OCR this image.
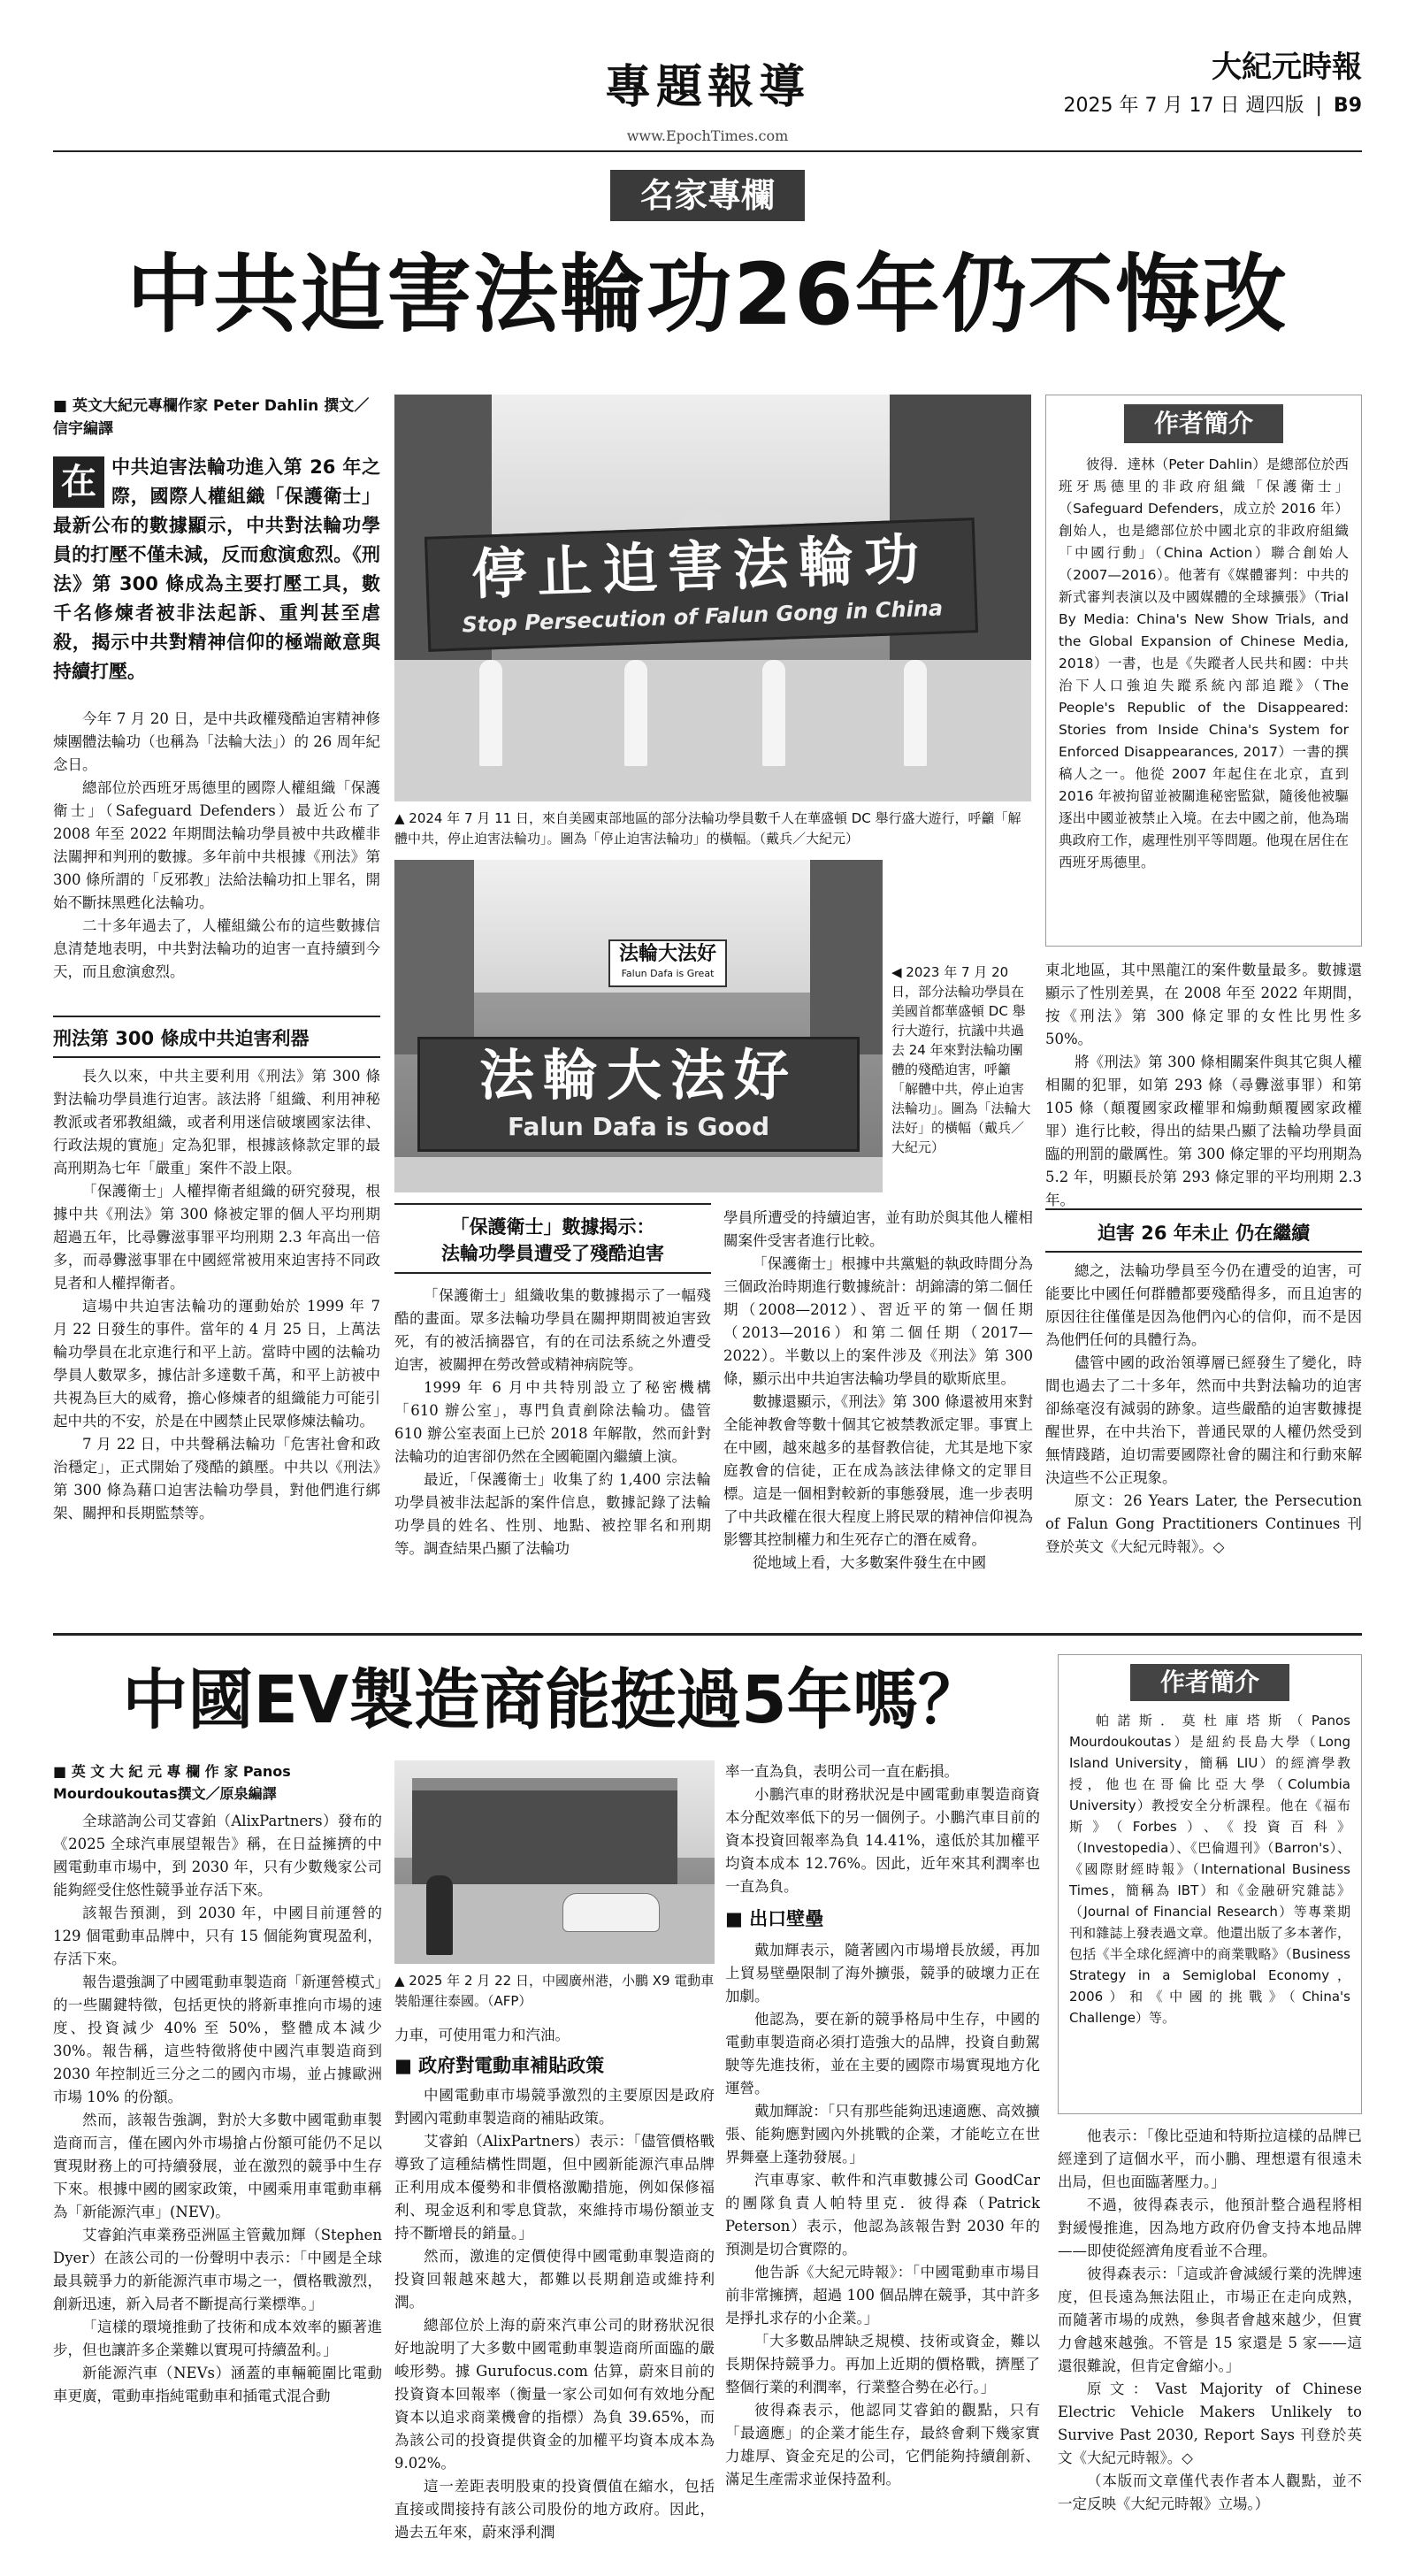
專題報導
www.EpochTimes.com
大紀元時報
2025 年 7 月 17 日 週四版 | B9
名家專欄
中共迫害法輪功26年仍不悔改
■ 英文大紀元專欄作家 Peter Dahlin 撰文／
信宇編譯
在 中共迫害法輪功進入第 26 年之際，國際人權組織「保護衛士」最新公布的數據顯示，中共對法輪功學員的打壓不僅未減，反而愈演愈烈。《刑法》第 300 條成為主要打壓工具，數千名修煉者被非法起訴、重判甚至虐殺，揭示中共對精神信仰的極端敵意與持續打壓。

今年 7 月 20 日，是中共政權殘酷迫害精神修煉團體法輪功（也稱為「法輪大法」）的 26 周年紀念日。

總部位於西班牙馬德里的國際人權組織「保護衛士」（Safeguard Defenders）最近公布了 2008 年至 2022 年期間法輪功學員被中共政權非法關押和判刑的數據。多年前中共根據《刑法》第 300 條所謂的「反邪教」法給法輪功扣上罪名，開始不斷抹黑甦化法輪功。

二十多年過去了，人權組織公布的這些數據信息清楚地表明，中共對法輪功的迫害一直持續到今天，而且愈演愈烈。

刑法第 300 條成中共迫害利器

長久以來，中共主要利用《刑法》第 300 條對法輪功學員進行迫害。該法將「組織、利用神秘教派或者邪教組織，或者利用迷信破壞國家法律、行政法規的實施」定為犯罪，根據該條款定罪的最高刑期為七年「嚴重」案件不設上限。

「保護衛士」人權捍衛者組織的研究發現，根據中共《刑法》第 300 條被定罪的個人平均刑期超過五年，比尋釁滋事罪平均刑期 2.3 年高出一倍多，而尋釁滋事罪在中國經常被用來迫害持不同政見者和人權捍衛者。

這場中共迫害法輪功的運動始於 1999 年 7 月 22 日發生的事件。當年的 4 月 25 日，上萬法輪功學員在北京進行和平上訪。當時中國的法輪功學員人數眾多，據估計多達數千萬，和平上訪被中共視為巨大的威脅，擔心修煉者的組織能力可能引起中共的不安，於是在中國禁止民眾修煉法輪功。

7 月 22 日，中共聲稱法輪功「危害社會和政治穩定」，正式開始了殘酷的鎮壓。中共以《刑法》第 300 條為藉口迫害法輪功學員，對他們進行綁架、關押和長期監禁等。

停止迫害法輪功
Stop Persecution of Falun Gong in China
▲ 2024 年 7 月 11 日，來自美國東部地區的部分法輪功學員數千人在華盛頓 DC 舉行盛大遊行，呼籲「解體中共，停止迫害法輪功」。圖為「停止迫害法輪功」的橫幅。（戴兵／大紀元）
法輪大法好
Falun Dafa is Great
法輪大法好
Falun Dafa is Good
◀ 2023 年 7 月 20 日，部分法輪功學員在美國首都華盛頓 DC 舉行大遊行，抗議中共過去 24 年來對法輪功團體的殘酷迫害，呼籲「解體中共，停止迫害法輪功」。圖為「法輪大法好」的橫幅（戴兵／大紀元）
「保護衛士」數據揭示：
法輪功學員遭受了殘酷迫害

「保護衛士」組織收集的數據揭示了一幅殘酷的畫面。眾多法輪功學員在關押期間被迫害致死，有的被活摘器官，有的在司法系統之外遭受迫害，被關押在勞改營或精神病院等。

1999 年 6 月中共特別設立了秘密機構「610 辦公室」，專門負責剷除法輪功。儘管 610 辦公室表面上已於 2018 年解散，然而針對法輪功的迫害卻仍然在全國範圍內繼續上演。

最近，「保護衛士」收集了約 1,400 宗法輪功學員被非法起訴的案件信息，數據記錄了法輪功學員的姓名、性別、地點、被控罪名和刑期等。調查結果凸顯了法輪功

學員所遭受的持續迫害，並有助於與其他人權相關案件受害者進行比較。

「保護衛士」根據中共黨魁的執政時間分為三個政治時期進行數據統計：胡錦濤的第二個任期（2008—2012）、習近平的第一個任期（2013—2016）和第二個任期（2017—2022）。半數以上的案件涉及《刑法》第 300 條，顯示出中共迫害法輪功學員的歇斯底里。

數據還顯示，《刑法》第 300 條還被用來對全能神教會等數十個其它被禁教派定罪。事實上在中國，越來越多的基督教信徒，尤其是地下家庭教會的信徒，正在成為該法律條文的定罪目標。這是一個相對較新的事態發展，進一步表明了中共政權在很大程度上將民眾的精神信仰視為影響其控制權力和生死存亡的潛在威脅。

從地域上看，大多數案件發生在中國

作者簡介
彼得．達林（Peter Dahlin）是總部位於西班牙馬德里的非政府組織「保護衛士」（Safeguard Defenders，成立於 2016 年）創始人，也是總部位於中國北京的非政府組織「中國行動」（China Action）聯合創始人（2007—2016）。他著有《媒體審判：中共的新式審判表演以及中國媒體的全球擴張》（Trial By Media: China's New Show Trials, and the Global Expansion of Chinese Media, 2018）一書，也是《失蹤者人民共和國：中共治下人口強迫失蹤系統內部追蹤》（The People's Republic of the Disappeared: Stories from Inside China's System for Enforced Disappearances, 2017）一書的撰稿人之一。他從 2007 年起住在北京，直到 2016 年被拘留並被關進秘密監獄，隨後他被驅逐出中國並被禁止入境。在去中國之前，他為瑞典政府工作，處理性別平等問題。他現在居住在西班牙馬德里。
東北地區，其中黑龍江的案件數量最多。數據還顯示了性別差異，在 2008 年至 2022 年期間，按《刑法》第 300 條定罪的女性比男性多 50%。

將《刑法》第 300 條相關案件與其它與人權相關的犯罪，如第 293 條（尋釁滋事罪）和第 105 條（顛覆國家政權罪和煽動顛覆國家政權罪）進行比較，得出的結果凸顯了法輪功學員面臨的刑罰的嚴厲性。第 300 條定罪的平均刑期為 5.2 年，明顯長於第 293 條定罪的平均刑期 2.3 年。

迫害 26 年未止 仍在繼續

總之，法輪功學員至今仍在遭受的迫害，可能要比中國任何群體都要殘酷得多，而且迫害的原因往往僅僅是因為他們內心的信仰，而不是因為他們任何的具體行為。

儘管中國的政治領導層已經發生了變化，時間也過去了二十多年，然而中共對法輪功的迫害卻絲毫沒有減弱的跡象。這些嚴酷的迫害數據提醒世界，在中共治下，普通民眾的人權仍然受到無情踐踏，迫切需要國際社會的關注和行動來解決這些不公正現象。

原文：26 Years Later, the Persecution of Falun Gong Practitioners Continues 刊登於英文《大紀元時報》。◇

中國EV製造商能挺過5年嗎？
■ 英 文 大 紀 元 專 欄 作 家 Panos Mourdoukoutas撰文／原泉編譯

全球諮詢公司艾睿鉑（AlixPartners）發布的《2025 全球汽車展望報告》稱，在日益擁擠的中國電動車市場中，到 2030 年，只有少數幾家公司能夠經受住悠性競爭並存活下來。

該報告預測，到 2030 年，中國目前運營的 129 個電動車品牌中，只有 15 個能夠實現盈利，存活下來。

報告還強調了中國電動車製造商「新運營模式」的一些關鍵特徵，包括更快的將新車推向市場的速度、投資減少 40% 至 50%，整體成本減少 30%。報告稱，這些特徵將使中國汽車製造商到 2030 年控制近三分之二的國內市場，並占據歐洲市場 10% 的份額。

然而，該報告強調，對於大多數中國電動車製造商而言，僅在國內外市場搶占份額可能仍不足以實現財務上的可持續發展，並在激烈的競爭中生存下來。根據中國的國家政策，中國乘用車電動車稱為「新能源汽車」(NEV)。

艾睿鉑汽車業務亞洲區主管戴加輝（Stephen Dyer）在該公司的一份聲明中表示：「中國是全球最具競爭力的新能源汽車市場之一，價格戰激烈，創新迅速，新入局者不斷提高行業標準。」

「這樣的環境推動了技術和成本效率的顯著進步，但也讓許多企業難以實現可持續盈利。」

新能源汽車（NEVs）涵蓋的車輛範圍比電動車更廣，電動車指純電動車和插電式混合動

▲ 2025 年 2 月 22 日，中國廣州港，小鵬 X9 電動車裝船運往泰國。（AFP）
力車，可使用電力和汽油。
■ 政府對電動車補貼政策

中國電動車市場競爭激烈的主要原因是政府對國內電動車製造商的補貼政策。

艾睿鉑（AlixPartners）表示：「儘管價格戰導致了這種結構性問題，但中國新能源汽車品牌正利用成本優勢和非價格激勵措施，例如保修福利、現金返利和零息貸款，來維持市場份額並支持不斷增長的銷量。」

然而，激進的定價使得中國電動車製造商的投資回報越來越大，都難以長期創造或維持利潤。

總部位於上海的蔚來汽車公司的財務狀況很好地說明了大多數中國電動車製造商所面臨的嚴峻形勢。據 Gurufocus.com 估算，蔚來目前的投資資本回報率（衡量一家公司如何有效地分配資本以追求商業機會的指標）為負 39.65%，而為該公司的投資提供資金的加權平均資本成本為 9.02%。

這一差距表明股東的投資價值在縮水，包括直接或間接持有該公司股份的地方政府。因此，過去五年來，蔚來淨利潤

率一直為負，表明公司一直在虧損。

小鵬汽車的財務狀況是中國電動車製造商資本分配效率低下的另一個例子。小鵬汽車目前的資本投資回報率為負 14.41%，遠低於其加權平均資本成本 12.76%。因此，近年來其利潤率也一直為負。

■ 出口壁壘

戴加輝表示，隨著國內市場增長放緩，再加上貿易壁壘限制了海外擴張，競爭的破壞力正在加劇。

他認為，要在新的競爭格局中生存，中國的電動車製造商必須打造強大的品牌，投資自動駕駛等先進技術，並在主要的國際市場實現地方化運營。

戴加輝說：「只有那些能夠迅速適應、高效擴張、能夠應對國內外挑戰的企業，才能屹立在世界舞臺上蓬勃發展。」

汽車專家、軟件和汽車數據公司 GoodCar 的團隊負責人帕特里克．彼得森（Patrick Peterson）表示，他認為該報告對 2030 年的預測是切合實際的。

他告訴《大紀元時報》：「中國電動車市場目前非常擁擠，超過 100 個品牌在競爭，其中許多是掙扎求存的小企業。」

「大多數品牌缺乏規模、技術或資金，難以長期保持競爭力。再加上近期的價格戰，擠壓了整個行業的利潤率，行業整合勢在必行。」

彼得森表示，他認同艾睿鉑的觀點，只有「最適應」的企業才能生存，最終會剩下幾家實力雄厚、資金充足的公司，它們能夠持續創新、滿足生產需求並保持盈利。

作者簡介
帕諾斯．莫杜庫塔斯（Panos Mourdoukoutas）是紐約長島大學（Long Island University，簡稱 LIU）的經濟學教授，他也在哥倫比亞大學（Columbia University）教授安全分析課程。他在《福布斯》（Forbes）、《投資百科》（Investopedia）、《巴倫週刊》（Barron's）、《國際財經時報》（International Business Times，簡稱為 IBT）和《金融研究雜誌》（Journal of Financial Research）等專業期刊和雜誌上發表過文章。他還出版了多本著作，包括《半全球化經濟中的商業戰略》（Business Strategy in a Semiglobal Economy，2006）和《中國的挑戰》（China's Challenge）等。

他表示：「像比亞迪和特斯拉這樣的品牌已經達到了這個水平，而小鵬、理想還有很遠未出局，但也面臨著壓力。」

不過，彼得森表示，他預計整合過程將相對緩慢推進，因為地方政府仍會支持本地品牌——即使從經濟角度看並不合理。

彼得森表示：「這或許會減緩行業的洗牌速度，但長遠為無法阻止，市場正在走向成熟，而隨著市場的成熟，參與者會越來越少，但實力會越來越強。不管是 15 家還是 5 家——這還很難說，但肯定會縮小。」

原文：Vast Majority of Chinese Electric Vehicle Makers Unlikely to Survive Past 2030, Report Says 刊登於英文《大紀元時報》。◇

（本版而文章僅代表作者本人觀點，並不一定反映《大紀元時報》立場。）
